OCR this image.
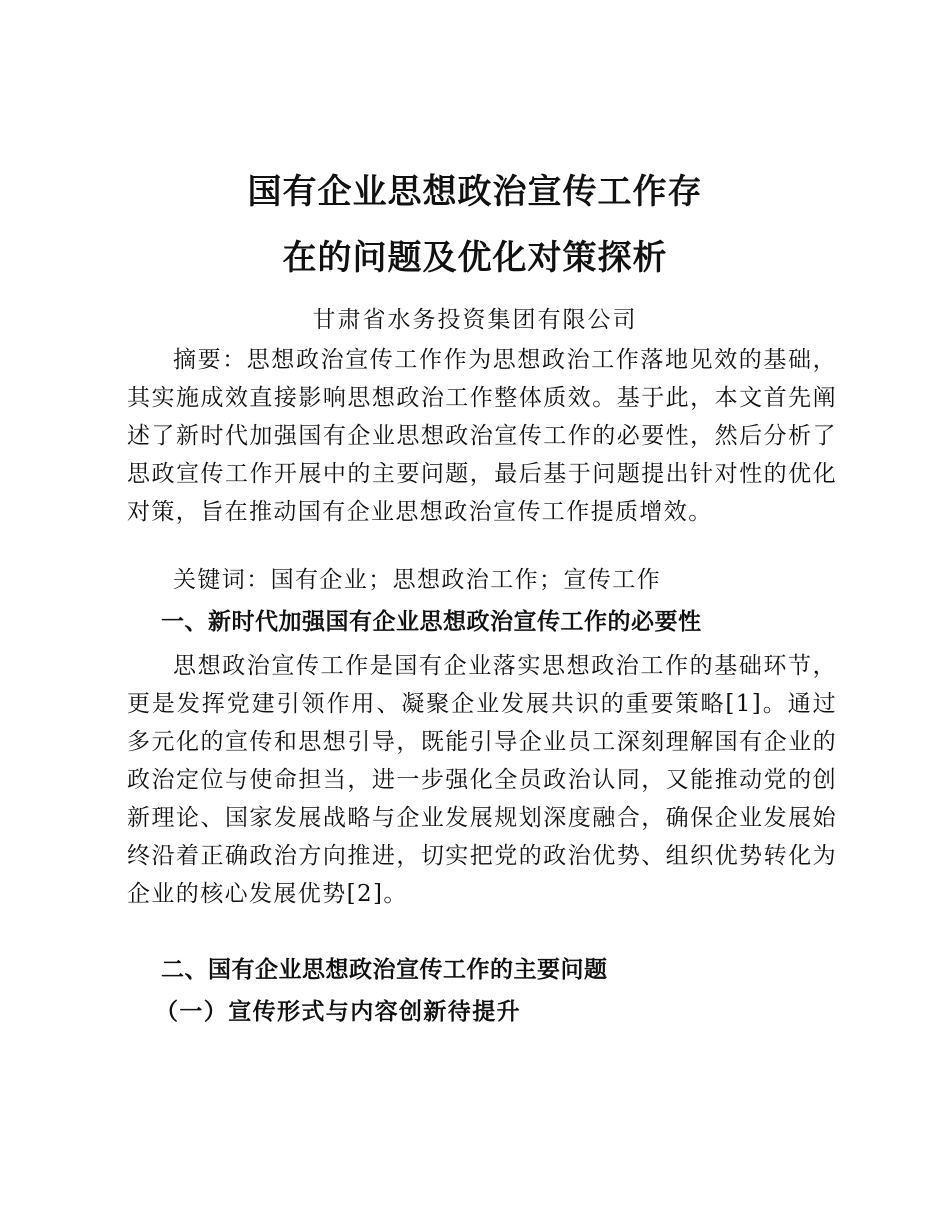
国有企业思想政治宣传工作存
在的问题及优化对策探析
甘肃省水务投资集团有限公司

摘要：思想政治宣传工作作为思想政治工作落地见效的基础，其实施成效直接影响思想政治工作整体质效。基于此，本文首先阐述了新时代加强国有企业思想政治宣传工作的必要性，然后分析了思政宣传工作开展中的主要问题，最后基于问题提出针对性的优化对策，旨在推动国有企业思想政治宣传工作提质增效。

关键词：国有企业；思想政治工作；宣传工作

一、新时代加强国有企业思想政治宣传工作的必要性

思想政治宣传工作是国有企业落实思想政治工作的基础环节，更是发挥党建引领作用、凝聚企业发展共识的重要策略[1]。通过多元化的宣传和思想引导，既能引导企业员工深刻理解国有企业的政治定位与使命担当，进一步强化全员政治认同，又能推动党的创新理论、国家发展战略与企业发展规划深度融合，确保企业发展始终沿着正确政治方向推进，切实把党的政治优势、组织优势转化为企业的核心发展优势[2]。

二、国有企业思想政治宣传工作的主要问题
（一）宣传形式与内容创新待提升
